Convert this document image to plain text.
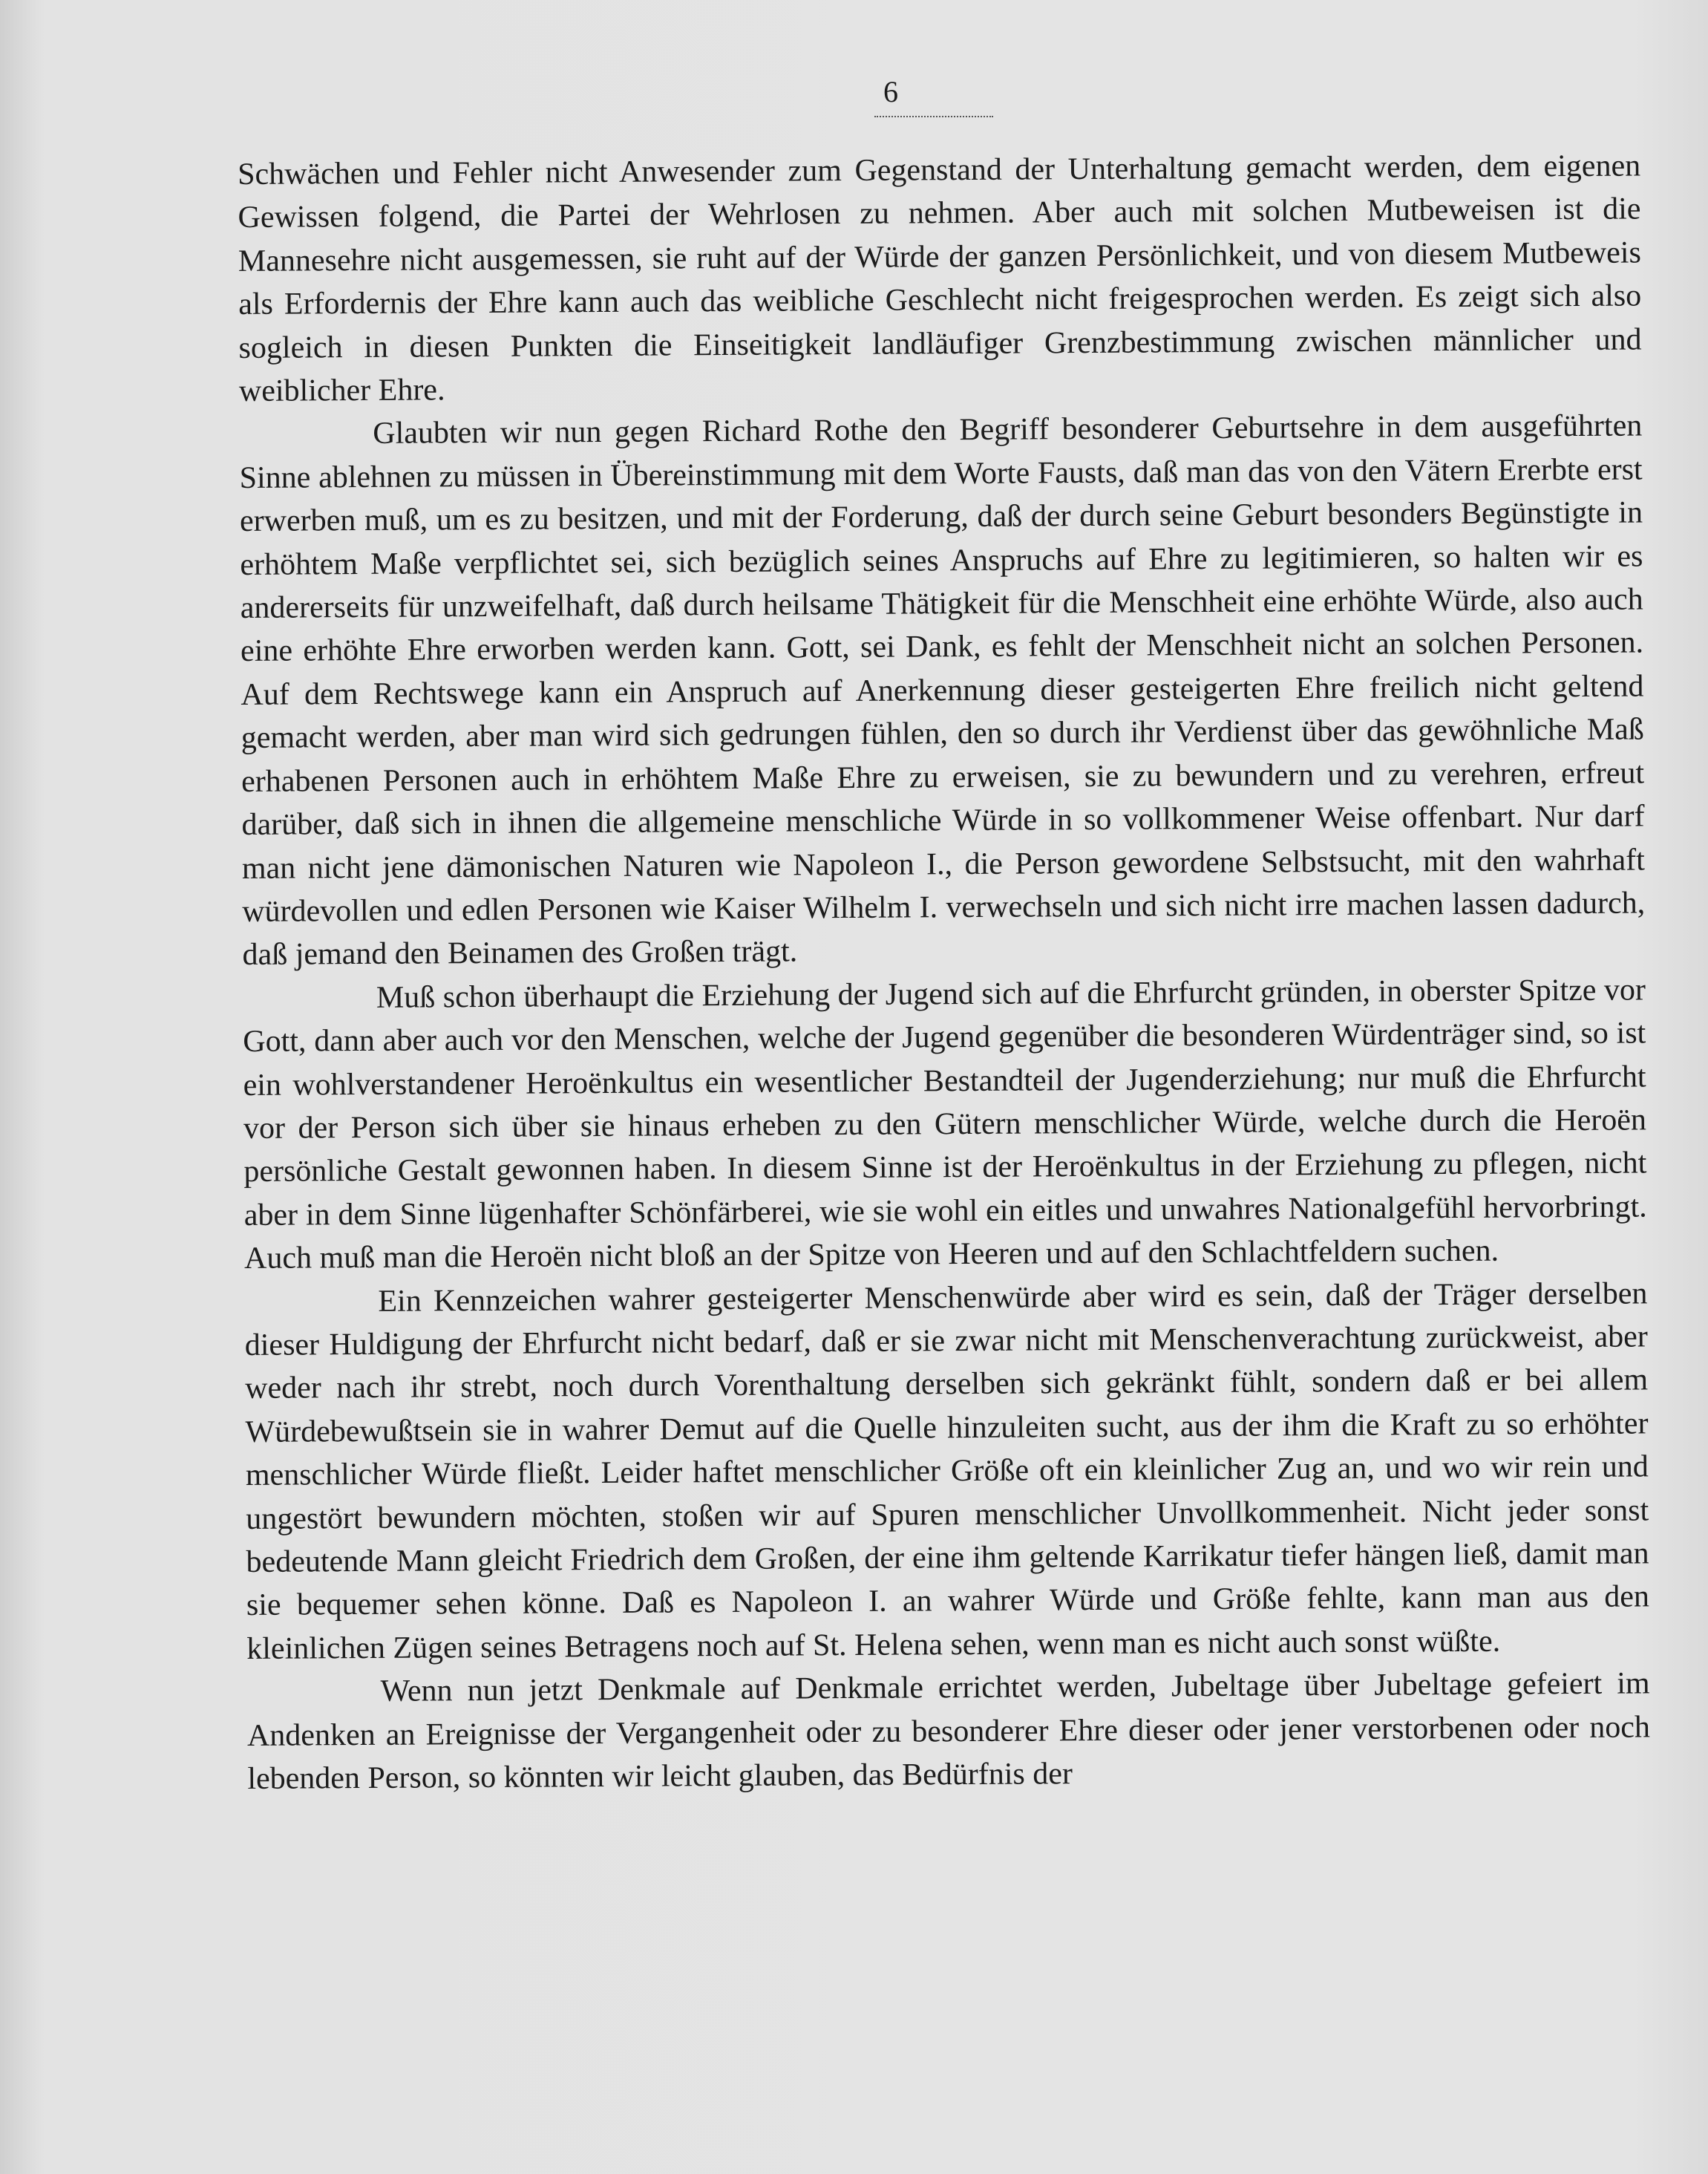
6

Schwächen und Fehler nicht Anwesender zum Gegenstand der Unterhaltung gemacht werden, dem eigenen Gewissen folgend, die Partei der Wehrlosen zu nehmen. Aber auch mit solchen Mutbeweisen ist die Mannesehre nicht ausgemessen, sie ruht auf der Würde der ganzen Persönlichkeit, und von diesem Mutbeweis als Erfordernis der Ehre kann auch das weibliche Geschlecht nicht freigesprochen werden. Es zeigt sich also sogleich in diesen Punkten die Einseitigkeit landläufiger Grenzbestimmung zwischen männlicher und weiblicher Ehre.

Glaubten wir nun gegen Richard Rothe den Begriff besonderer Geburtsehre in dem ausgeführten Sinne ablehnen zu müssen in Übereinstimmung mit dem Worte Fausts, daß man das von den Vätern Ererbte erst erwerben muß, um es zu besitzen, und mit der Forderung, daß der durch seine Geburt besonders Begünstigte in erhöhtem Maße verpflichtet sei, sich bezüglich seines Anspruchs auf Ehre zu legitimieren, so halten wir es andererseits für unzweifelhaft, daß durch heilsame Thätigkeit für die Menschheit eine erhöhte Würde, also auch eine erhöhte Ehre erworben werden kann. Gott, sei Dank, es fehlt der Menschheit nicht an solchen Personen. Auf dem Rechtswege kann ein Anspruch auf Anerkennung dieser gesteigerten Ehre freilich nicht geltend gemacht werden, aber man wird sich gedrungen fühlen, den so durch ihr Verdienst über das gewöhnliche Maß erhabenen Personen auch in erhöhtem Maße Ehre zu erweisen, sie zu bewundern und zu verehren, erfreut darüber, daß sich in ihnen die allgemeine menschliche Würde in so vollkommener Weise offenbart. Nur darf man nicht jene dämonischen Naturen wie Napoleon I., die Person gewordene Selbstsucht, mit den wahrhaft würdevollen und edlen Personen wie Kaiser Wilhelm I. verwechseln und sich nicht irre machen lassen dadurch, daß jemand den Beinamen des Großen trägt.

Muß schon überhaupt die Erziehung der Jugend sich auf die Ehrfurcht gründen, in oberster Spitze vor Gott, dann aber auch vor den Menschen, welche der Jugend gegenüber die besonderen Würdenträger sind, so ist ein wohlverstandener Heroënkultus ein wesentlicher Bestandteil der Jugenderziehung; nur muß die Ehrfurcht vor der Person sich über sie hinaus erheben zu den Gütern menschlicher Würde, welche durch die Heroën persönliche Gestalt gewonnen haben. In diesem Sinne ist der Heroënkultus in der Erziehung zu pflegen, nicht aber in dem Sinne lügenhafter Schönfärberei, wie sie wohl ein eitles und unwahres Nationalgefühl hervorbringt. Auch muß man die Heroën nicht bloß an der Spitze von Heeren und auf den Schlachtfeldern suchen.

Ein Kennzeichen wahrer gesteigerter Menschenwürde aber wird es sein, daß der Träger derselben dieser Huldigung der Ehrfurcht nicht bedarf, daß er sie zwar nicht mit Menschenverachtung zurückweist, aber weder nach ihr strebt, noch durch Vorenthaltung derselben sich gekränkt fühlt, sondern daß er bei allem Würdebewußtsein sie in wahrer Demut auf die Quelle hinzuleiten sucht, aus der ihm die Kraft zu so erhöhter menschlicher Würde fließt. Leider haftet menschlicher Größe oft ein kleinlicher Zug an, und wo wir rein und ungestört bewundern möchten, stoßen wir auf Spuren menschlicher Unvollkommenheit. Nicht jeder sonst bedeutende Mann gleicht Friedrich dem Großen, der eine ihm geltende Karrikatur tiefer hängen ließ, damit man sie bequemer sehen könne. Daß es Napoleon I. an wahrer Würde und Größe fehlte, kann man aus den kleinlichen Zügen seines Betragens noch auf St. Helena sehen, wenn man es nicht auch sonst wüßte.

Wenn nun jetzt Denkmale auf Denkmale errichtet werden, Jubeltage über Jubeltage gefeiert im Andenken an Ereignisse der Vergangenheit oder zu besonderer Ehre dieser oder jener verstorbenen oder noch lebenden Person, so könnten wir leicht glauben, das Bedürfnis der
